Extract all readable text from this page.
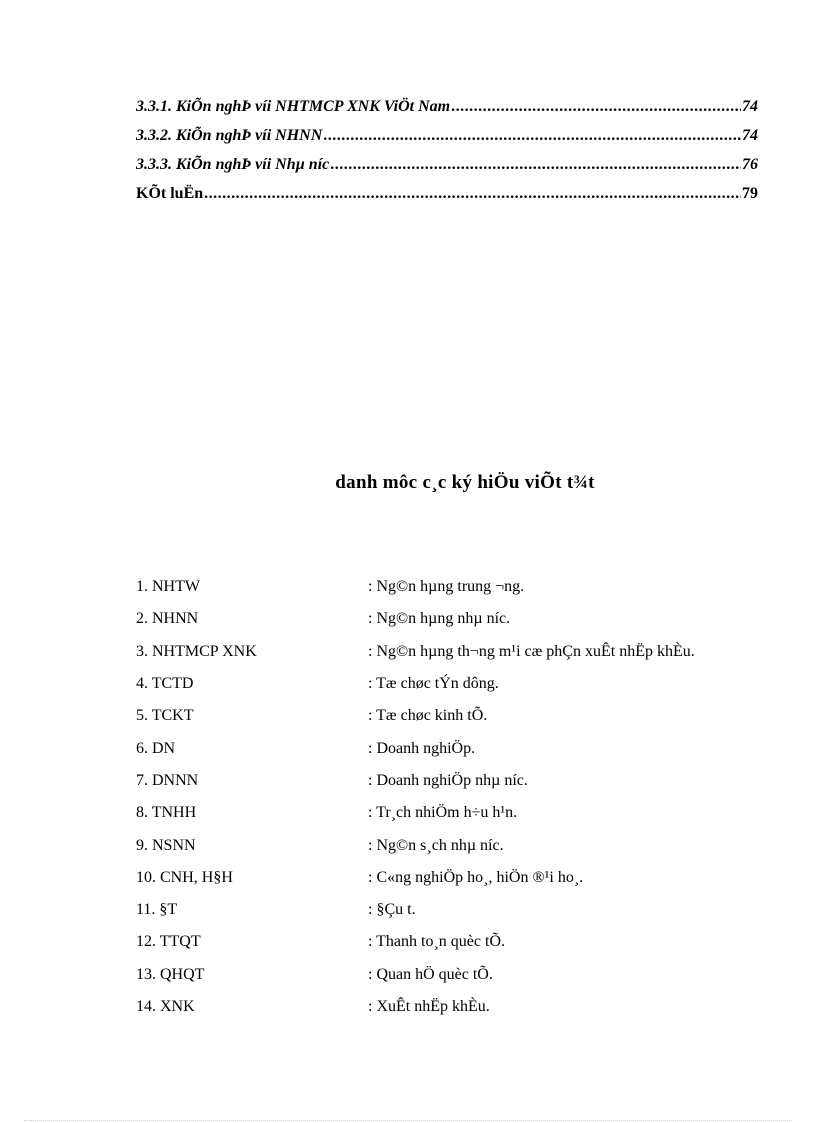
3.3.1. KiÕn nghÞ víi NHTMCP XNK ViÖt Nam .....	74
3.3.2. KiÕn nghÞ víi NHNN .....	74
3.3.3. KiÕn nghÞ víi Nhµ níc .....	76
KÕt luËn .....	79
danh môc c¸c ký hiÖu viÕt t¾t
1. NHTW	: Ng©n hµng trung ¬ng.
2. NHNN	: Ng©n hµng nhµ níc.
3. NHTMCP XNK	: Ng©n hµng th¬ng m¹i cæ phÇn xuÊt nhËp khÈu.
4. TCTD	: Tæ chøc tÝn dông.
5. TCKT	: Tæ chøc kinh tÕ.
6. DN	: Doanh nghiÖp.
7. DNNN	: Doanh nghiÖp nhµ níc.
8. TNHH	: Tr¸ch nhiÖm h÷u h¹n.
9. NSNN	: Ng©n s¸ch nhµ níc.
10. CNH, H§H	: C«ng nghiÖp ho¸, hiÖn ®¹i ho¸.
11. §T	: §Çu t.
12. TTQT	: Thanh to¸n quèc tÕ.
13. QHQT	: Quan hÖ quèc tÕ.
14. XNK	: XuÊt nhËp khÈu.
